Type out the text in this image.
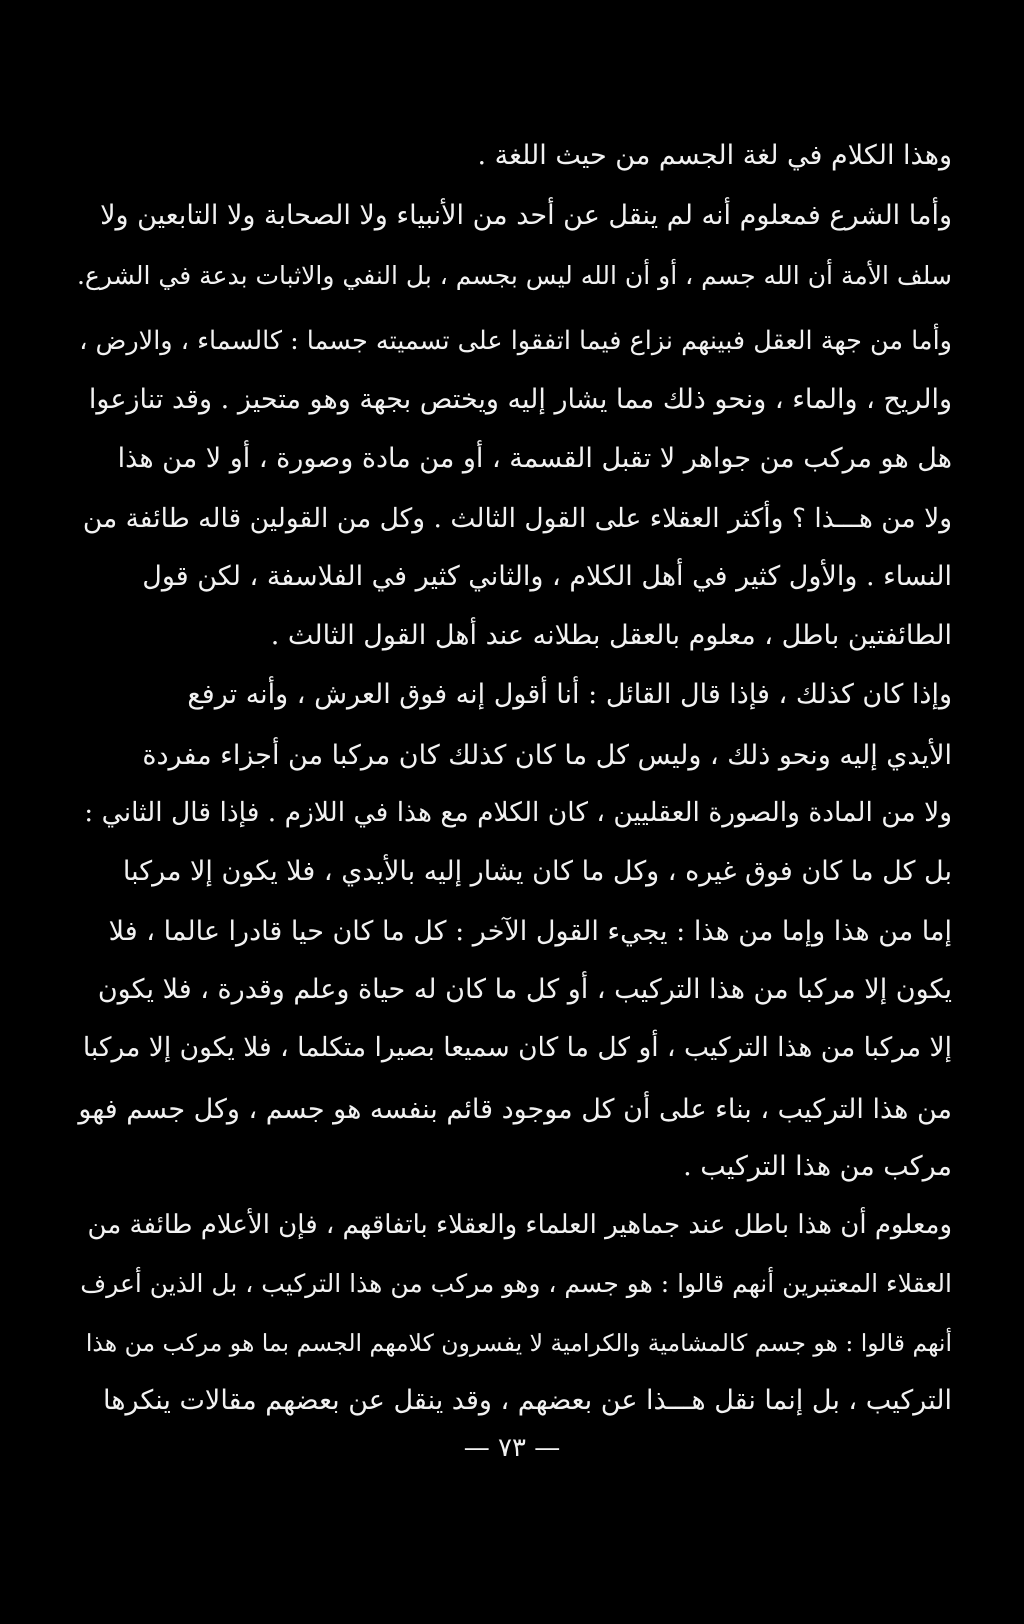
وهذا الكلام في لغة الجسم من حيث اللغة .
وأما الشرع فمعلوم أنه لم ينقل عن أحد من الأنبياء ولا الصحابة ولا التابعين ولا
سلف الأمة أن الله جسم ، أو أن الله ليس بجسم ، بل النفي والاثبات بدعة في الشرع.
وأما من جهة العقل فبينهم نزاع فيما اتفقوا على تسميته جسما : كالسماء ، والارض ،
والريح ، والماء ، ونحو ذلك مما يشار إليه ويختص بجهة وهو متحيز . وقد تنازعوا
هل هو مركب من جواهر لا تقبل القسمة ، أو من مادة وصورة ، أو لا من هذا
ولا من هـــذا ؟ وأكثر العقلاء على القول الثالث . وكل من القولين قاله طائفة من
النساء . والأول كثير في أهل الكلام ، والثاني كثير في الفلاسفة ، لكن قول
الطائفتين باطل ، معلوم بالعقل بطلانه عند أهل القول الثالث .
وإذا كان كذلك ، فإذا قال القائل : أنا أقول إنه فوق العرش ، وأنه ترفع
الأيدي إليه ونحو ذلك ، وليس كل ما كان كذلك كان مركبا من أجزاء مفردة
ولا من المادة والصورة العقليين ، كان الكلام مع هذا في اللازم . فإذا قال الثاني :
بل كل ما كان فوق غيره ، وكل ما كان يشار إليه بالأيدي ، فلا يكون إلا مركبا
إما من هذا وإما من هذا : يجيء القول الآخر : كل ما كان حيا قادرا عالما ، فلا
يكون إلا مركبا من هذا التركيب ، أو كل ما كان له حياة وعلم وقدرة ، فلا يكون
إلا مركبا من هذا التركيب ، أو كل ما كان سميعا بصيرا متكلما ، فلا يكون إلا مركبا
من هذا التركيب ، بناء على أن كل موجود قائم بنفسه هو جسم ، وكل جسم فهو
مركب من هذا التركيب .
ومعلوم أن هذا باطل عند جماهير العلماء والعقلاء باتفاقهم ، فإن الأعلام طائفة من
العقلاء المعتبرين أنهم قالوا : هو جسم ، وهو مركب من هذا التركيب ، بل الذين أعرف
أنهم قالوا : هو جسم كالمشامية والكرامية لا يفسرون كلامهم الجسم بما هو مركب من هذا
التركيب ، بل إنما نقل هـــذا عن بعضهم ، وقد ينقل عن بعضهم مقالات ينكرها
— ٧٣ —
